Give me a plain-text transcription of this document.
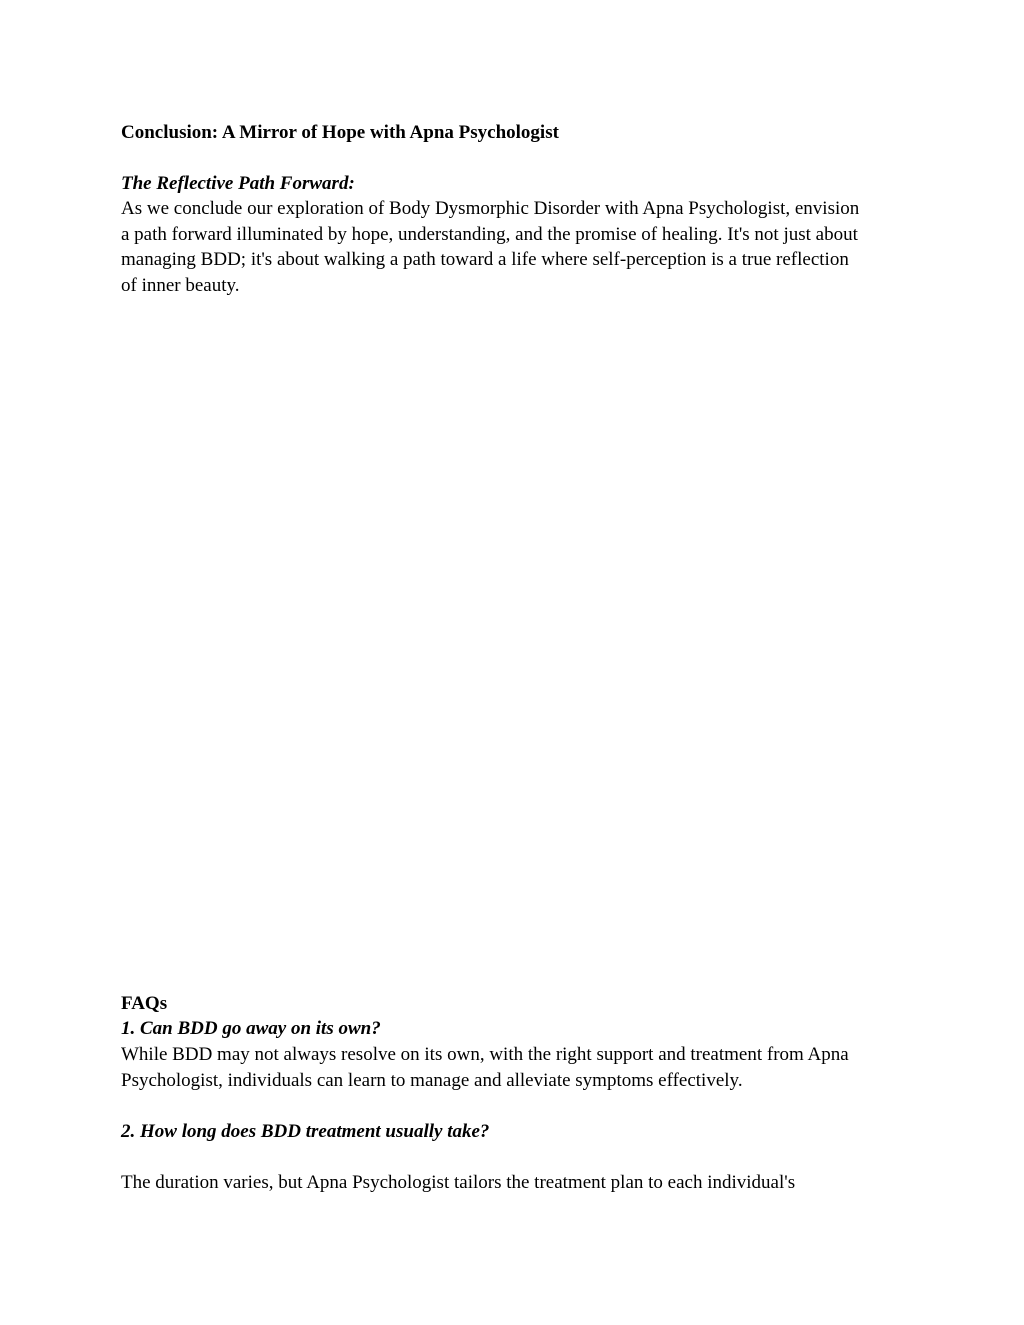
Conclusion: A Mirror of Hope with Apna Psychologist
The Reflective Path Forward:
As we conclude our exploration of Body Dysmorphic Disorder with Apna Psychologist, envision
a path forward illuminated by hope, understanding, and the promise of healing. It's not just about
managing BDD; it's about walking a path toward a life where self-perception is a true reflection
of inner beauty.
FAQs
1. Can BDD go away on its own?
While BDD may not always resolve on its own, with the right support and treatment from Apna
Psychologist, individuals can learn to manage and alleviate symptoms effectively.
2. How long does BDD treatment usually take?
The duration varies, but Apna Psychologist tailors the treatment plan to each individual's
